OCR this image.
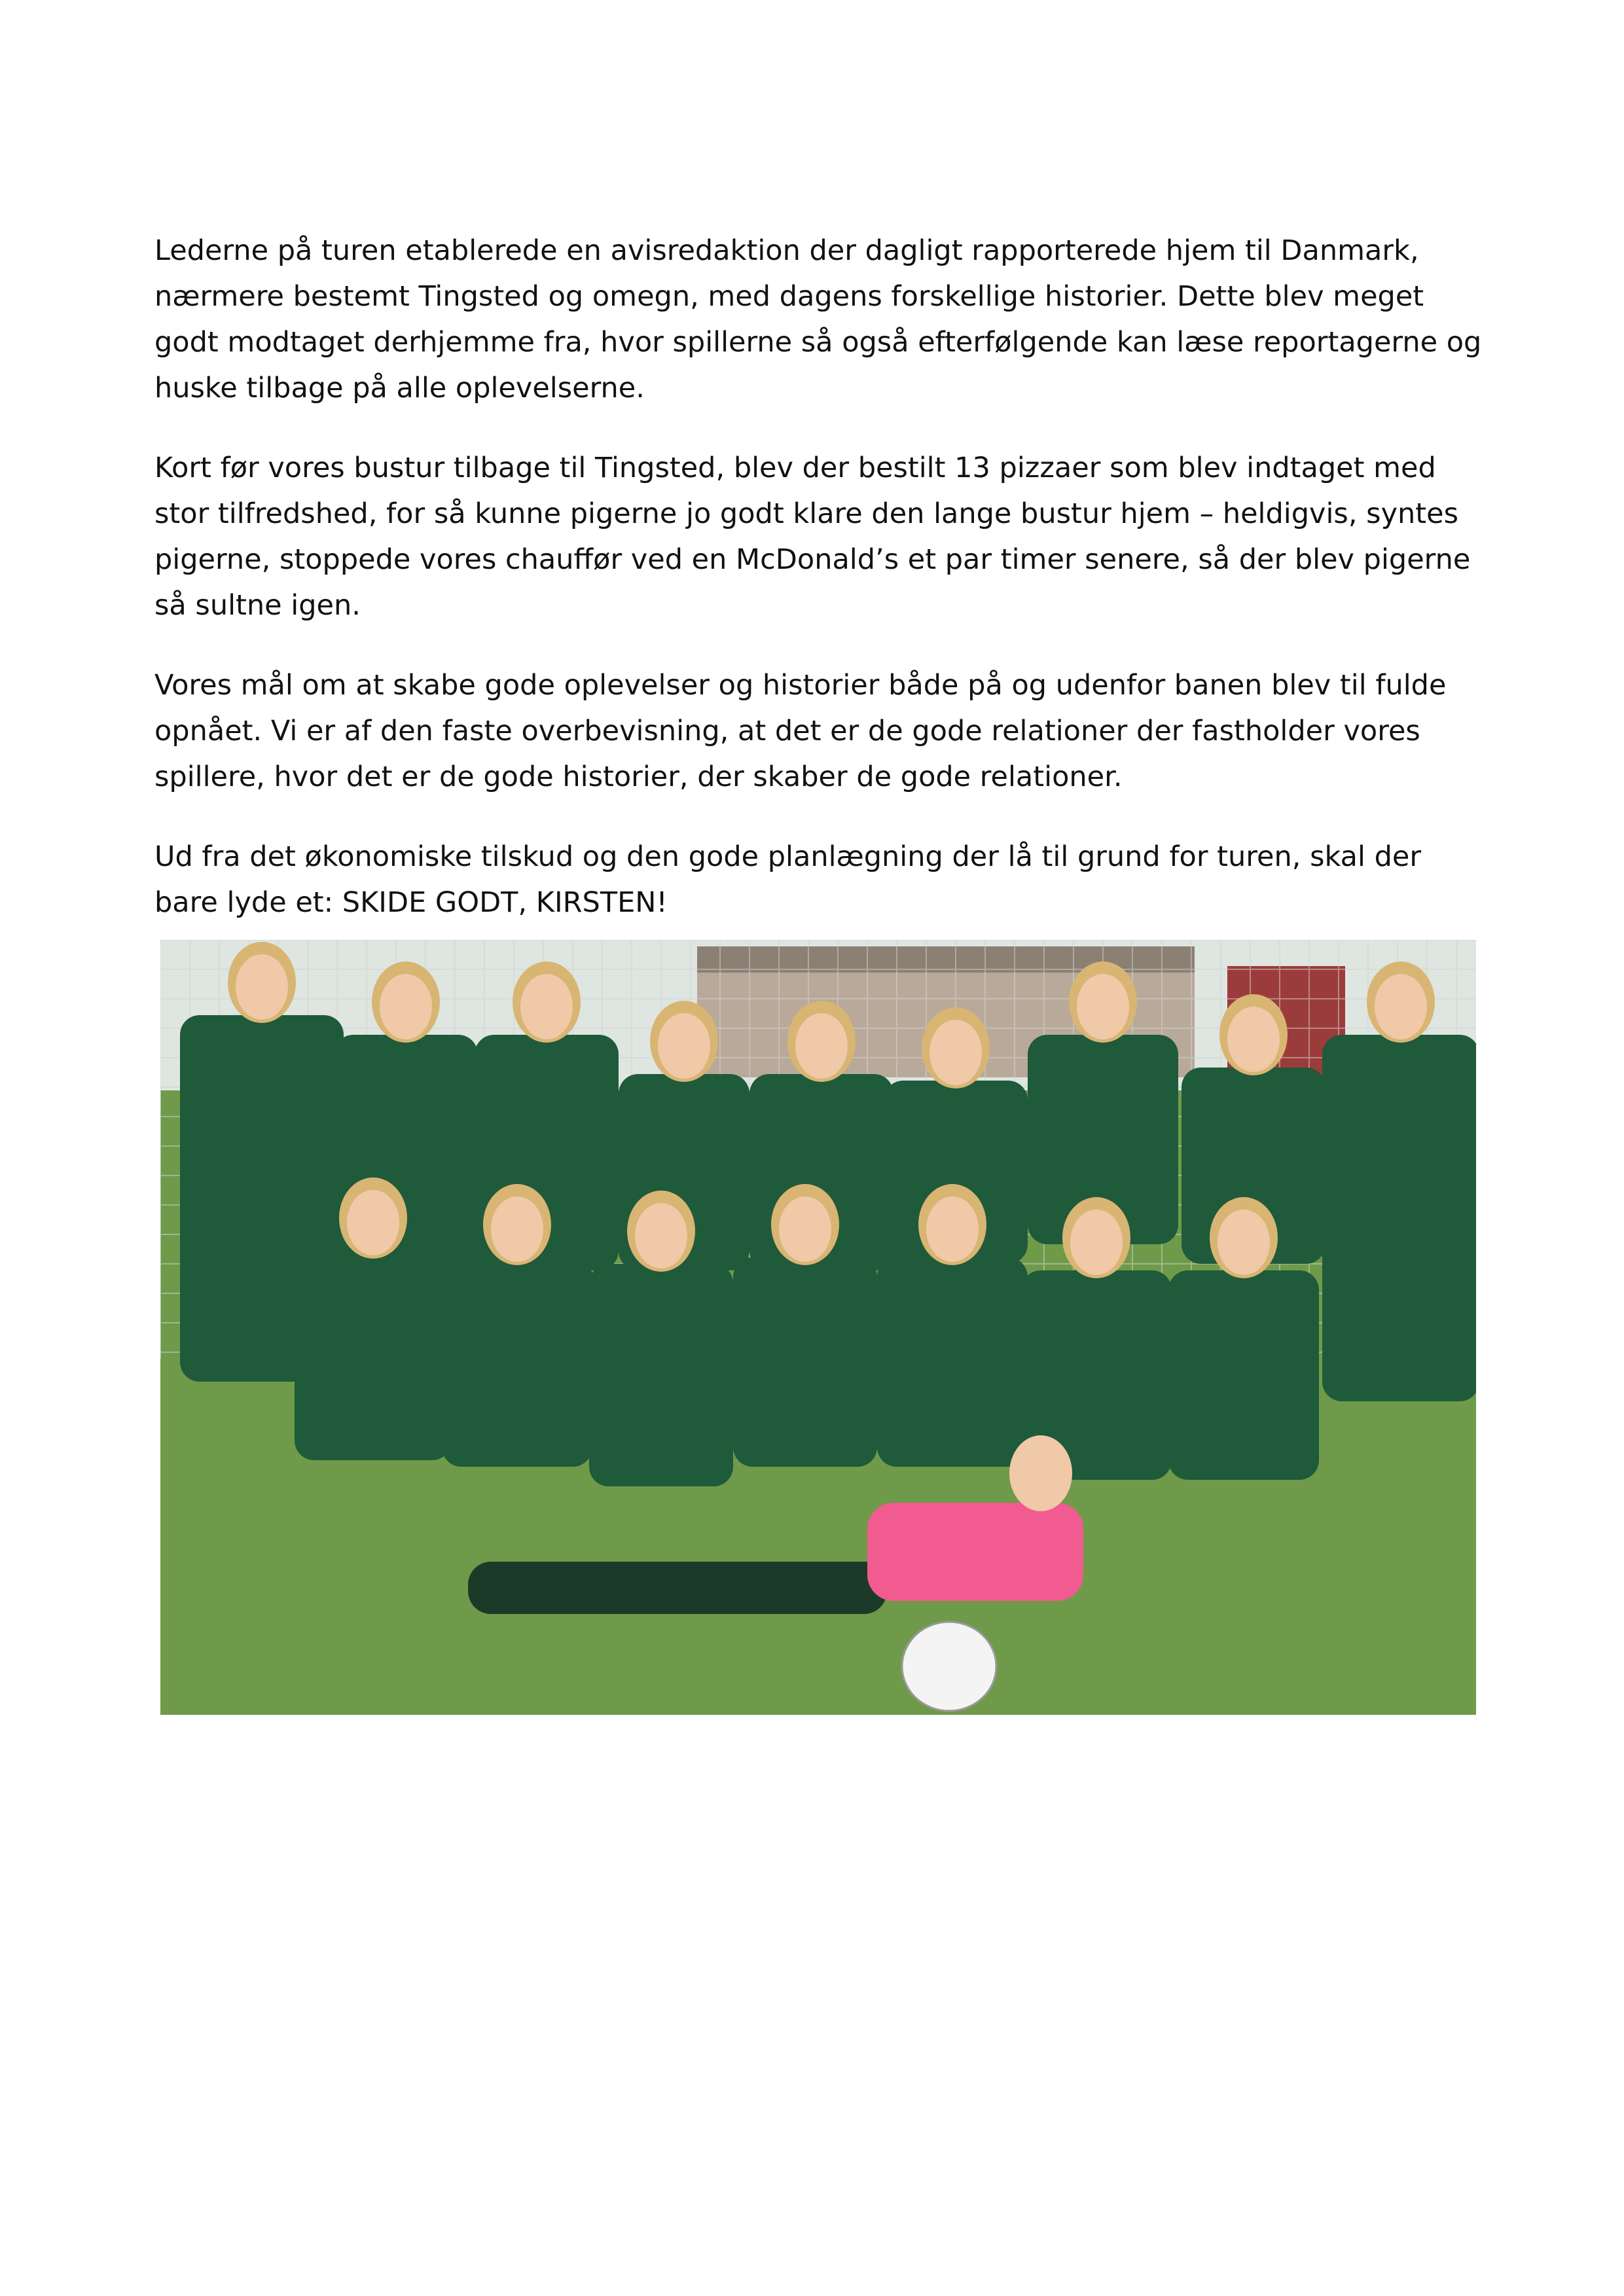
Lederne på turen etablerede en avisredaktion der dagligt rapporterede hjem til Danmark, nærmere bestemt Tingsted og omegn, med dagens forskellige historier. Dette blev meget godt modtaget derhjemme fra, hvor spillerne så også efterfølgende kan læse reportagerne og huske tilbage på alle oplevelserne.

Kort før vores bustur tilbage til Tingsted, blev der bestilt 13 pizzaer som blev indtaget med stor tilfredshed, for så kunne pigerne jo godt klare den lange bustur hjem – heldigvis, syntes pigerne, stoppede vores chauffør ved en McDonald’s et par timer senere, så der blev pigerne så sultne igen.

Vores mål om at skabe gode oplevelser og historier både på og udenfor banen blev til fulde opnået. Vi er af den faste overbevisning, at det er de gode relationer der fastholder vores spillere, hvor det er de gode historier, der skaber de gode relationer.

Ud fra det økonomiske tilskud og den gode planlægning der lå til grund for turen, skal der bare lyde et: SKIDE GODT, KIRSTEN!
